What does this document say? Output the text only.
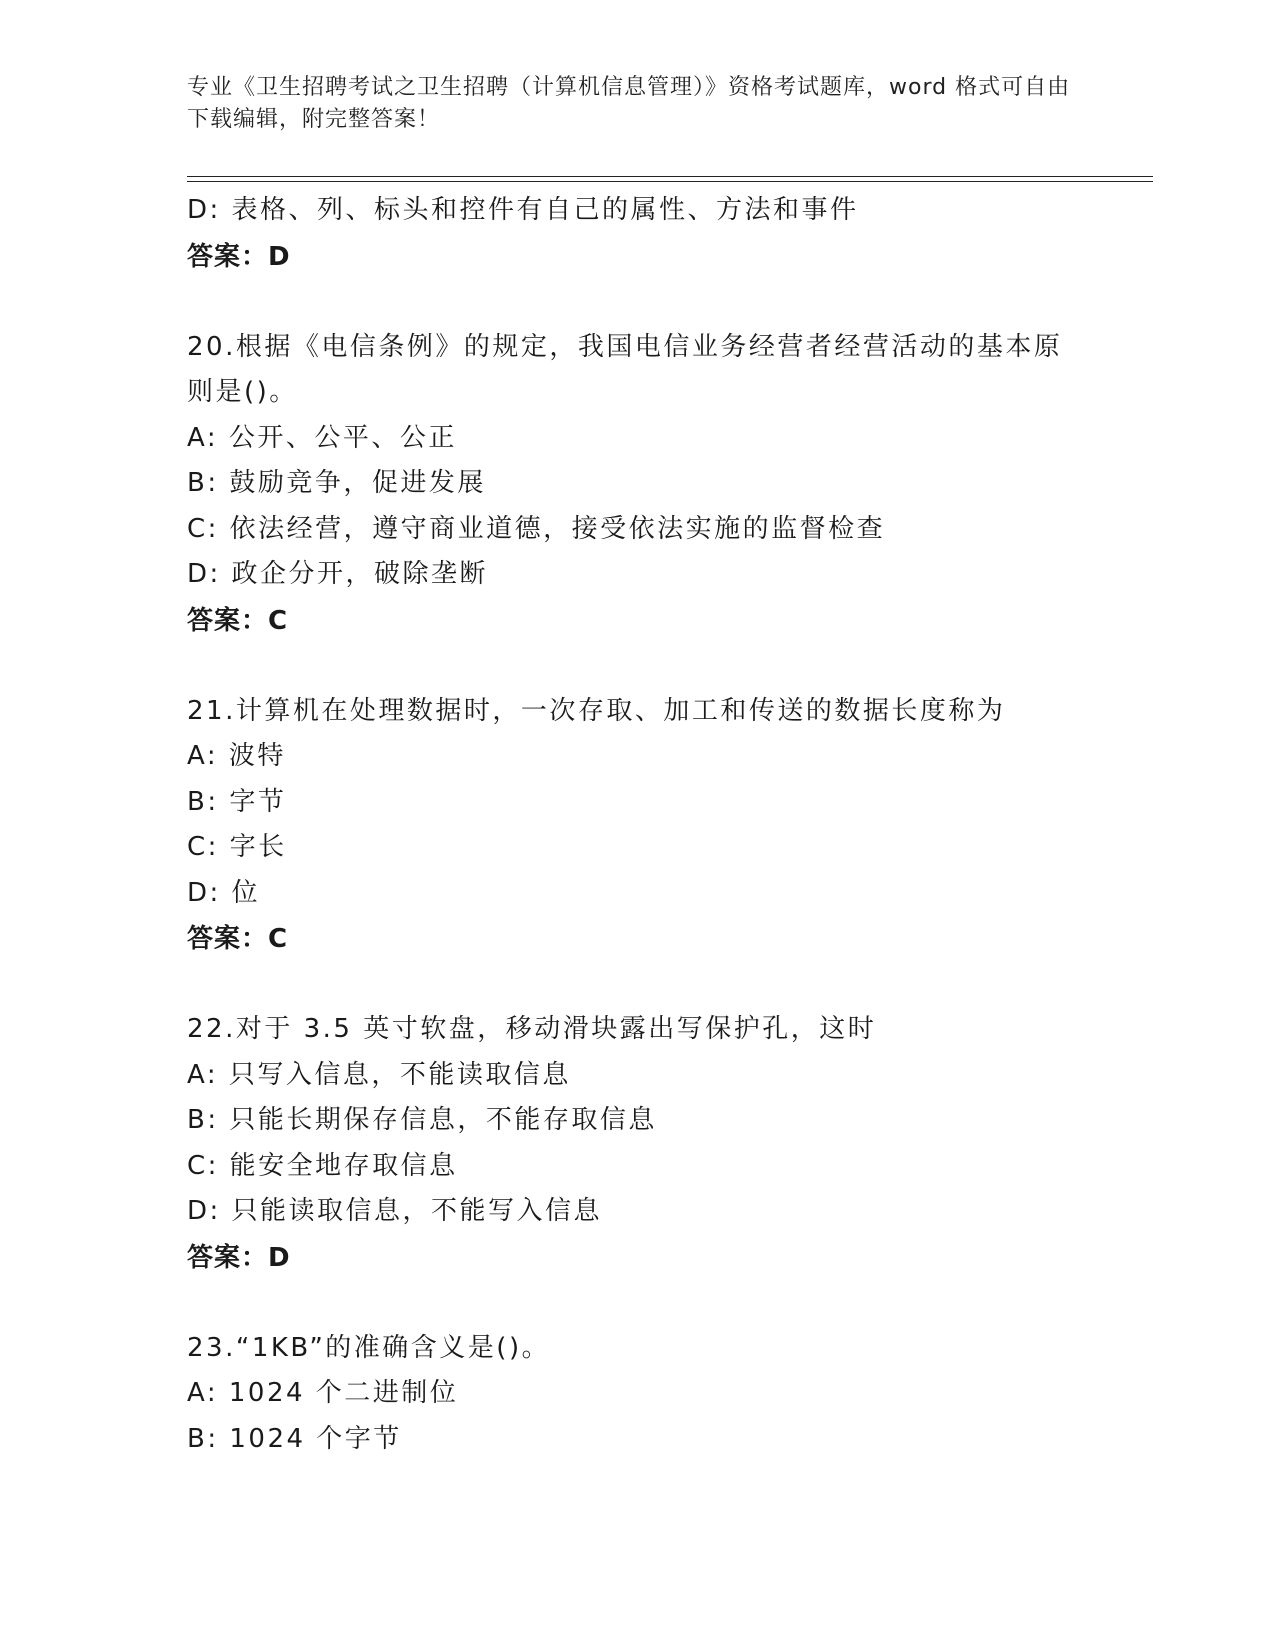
专业《卫生招聘考试之卫生招聘（计算机信息管理）》资格考试题库，word 格式可自由下载编辑，附完整答案！
D: 表格、列、标头和控件有自己的属性、方法和事件
答案：D
20.根据《电信条例》的规定，我国电信业务经营者经营活动的基本原
则是()。
A: 公开、公平、公正
B: 鼓励竞争，促进发展
C: 依法经营，遵守商业道德，接受依法实施的监督检查
D: 政企分开，破除垄断
答案：C
21.计算机在处理数据时，一次存取、加工和传送的数据长度称为
A: 波特
B: 字节
C: 字长
D: 位
答案：C
22.对于 3.5 英寸软盘，移动滑块露出写保护孔，这时
A: 只写入信息，不能读取信息
B: 只能长期保存信息，不能存取信息
C: 能安全地存取信息
D: 只能读取信息，不能写入信息
答案：D
23.“1KB”的准确含义是()。
A: 1024 个二进制位
B: 1024 个字节
